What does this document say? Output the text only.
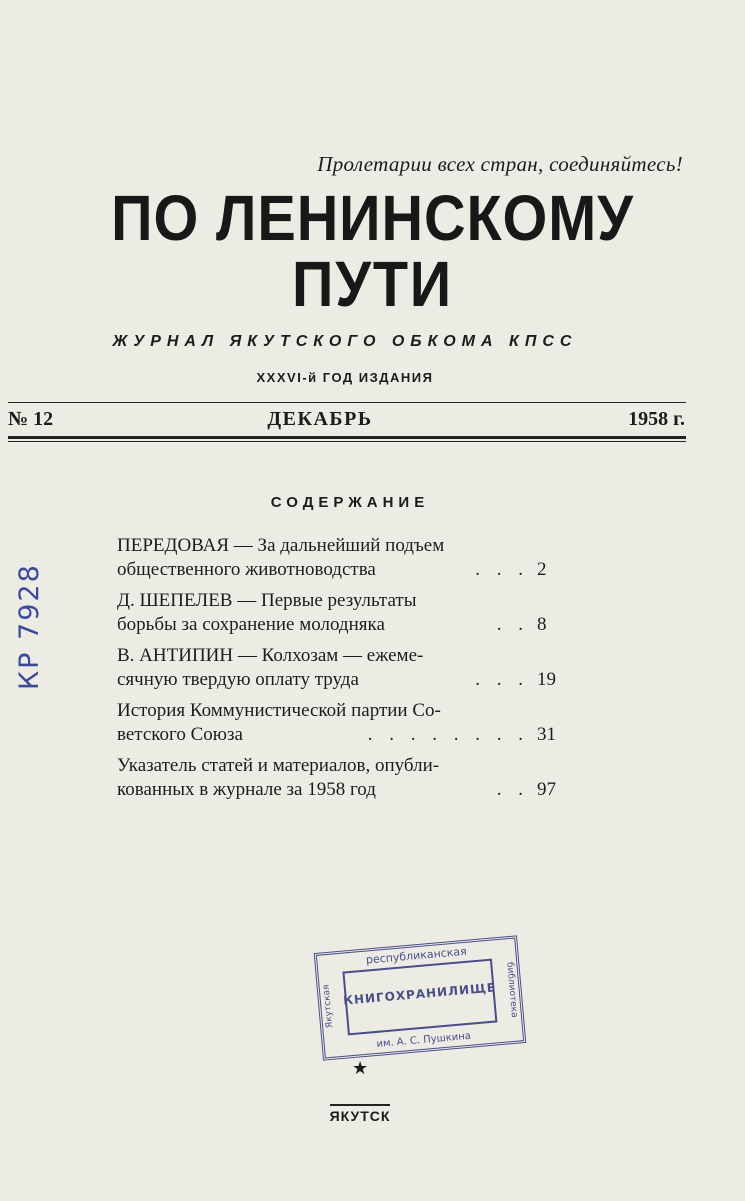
Пролетарии всех стран, соединяйтесь!
ПО ЛЕНИНСКОМУ
ПУТИ
ЖУРНАЛ ЯКУТСКОГО ОБКОМА КПСС
XXXVI-й ГОД ИЗДАНИЯ
№ 12	ДЕКАБРЬ	1958 г.
КР 7928
СОДЕРЖАНИЕ
ПЕРЕДОВАЯ — За дальнейший подъем
общественного животноводства	. . . 2
Д. ШЕПЕЛЕВ — Первые результаты
борьбы за сохранение молодняка	. . 8
В. АНТИПИН — Колхозам — ежеме-
сячную твердую оплату труда	. . . 19
История Коммунистической партии Со-
ветского Союза	. . . . . . . . 31
Указатель статей и материалов, опубли-
кованных в журнале за 1958 год	. . 97
республиканская
КНИГОХРАНИЛИЩЕ
им. А. С. Пушкина
Якутская	библиотека
★
ЯКУТСК
